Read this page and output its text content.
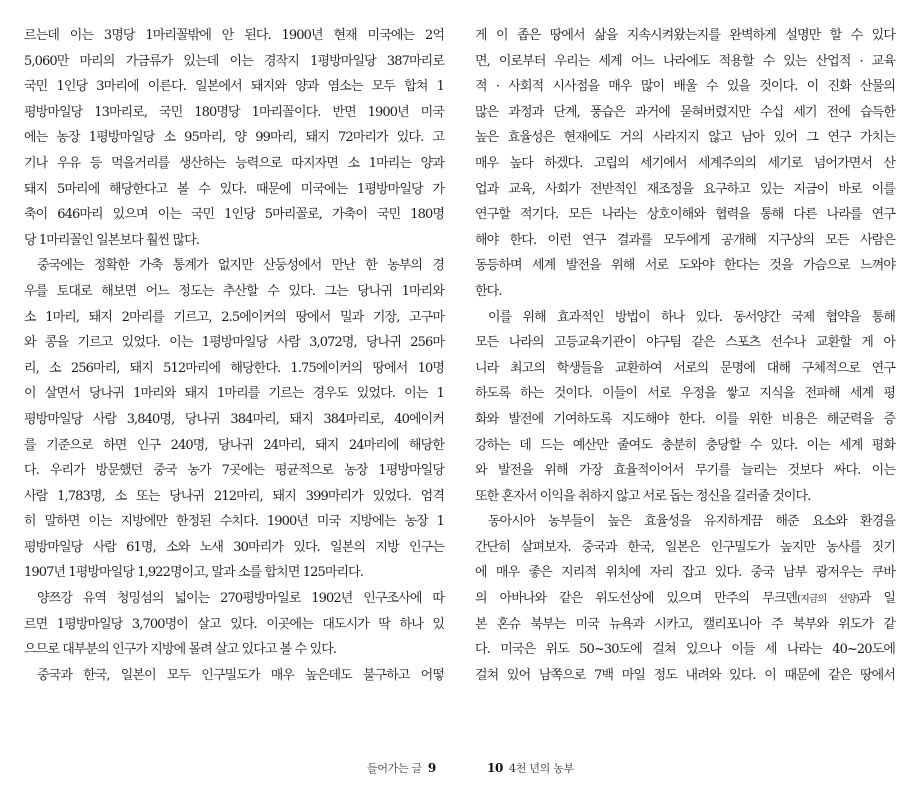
르는데 이는 3명당 1마리꼴밖에 안 된다. 1900년 현재 미국에는 2억
5,060만 마리의 가금류가 있는데 이는 경작지 1평방마일당 387마리로
국민 1인당 3마리에 이른다. 일본에서 돼지와 양과 염소는 모두 합쳐 1
평방마일당 13마리로, 국민 180명당 1마리꼴이다. 반면 1900년 미국
에는 농장 1평방마일당 소 95마리, 양 99마리, 돼지 72마리가 있다. 고
기나 우유 등 먹을거리를 생산하는 능력으로 따지자면 소 1마리는 양과
돼지 5마리에 해당한다고 볼 수 있다. 때문에 미국에는 1평방마일당 가
축이 646마리 있으며 이는 국민 1인당 5마리꼴로, 가축이 국민 180명
당 1마리꼴인 일본보다 훨씬 많다.
중국에는 정확한 가축 통계가 없지만 산둥성에서 만난 한 농부의 경
우를 토대로 해보면 어느 정도는 추산할 수 있다. 그는 당나귀 1마리와
소 1마리, 돼지 2마리를 기르고, 2.5에이커의 땅에서 밀과 기장, 고구마
와 콩을 기르고 있었다. 이는 1평방마일당 사람 3,072명, 당나귀 256마
리, 소 256마리, 돼지 512마리에 해당한다. 1.75에이커의 땅에서 10명
이 살면서 당나귀 1마리와 돼지 1마리를 기르는 경우도 있었다. 이는 1
평방마일당 사람 3,840명, 당나귀 384마리, 돼지 384마리로, 40에이커
를 기준으로 하면 인구 240명, 당나귀 24마리, 돼지 24마리에 해당한
다. 우리가 방문했던 중국 농가 7곳에는 평균적으로 농장 1평방마일당
사람 1,783명, 소 또는 당나귀 212마리, 돼지 399마리가 있었다. 엄격
히 말하면 이는 지방에만 한정된 수치다. 1900년 미국 지방에는 농장 1
평방마일당 사람 61명, 소와 노새 30마리가 있다. 일본의 지방 인구는
1907년 1평방마일당 1,922명이고, 말과 소를 합치면 125마리다.
양쯔강 유역 청밍섬의 넓이는 270평방마일로 1902년 인구조사에 따
르면 1평방마일당 3,700명이 살고 있다. 이곳에는 대도시가 딱 하나 있
으므로 대부분의 인구가 지방에 몰려 살고 있다고 볼 수 있다.
중국과 한국, 일본이 모두 인구밀도가 매우 높은데도 불구하고 어떻
게 이 좁은 땅에서 삶을 지속시켜왔는지를 완벽하게 설명만 할 수 있다
면, 이로부터 우리는 세계 어느 나라에도 적용할 수 있는 산업적 · 교육
적 · 사회적 시사점을 매우 많이 배울 수 있을 것이다. 이 진화 산물의
많은 과정과 단계, 풍습은 과거에 묻혀버렸지만 수십 세기 전에 습득한
높은 효율성은 현재에도 거의 사라지지 않고 남아 있어 그 연구 가치는
매우 높다 하겠다. 고립의 세기에서 세계주의의 세기로 넘어가면서 산
업과 교육, 사회가 전반적인 재조정을 요구하고 있는 지금이 바로 이를
연구할 적기다. 모든 나라는 상호이해와 협력을 통해 다른 나라를 연구
해야 한다. 이런 연구 결과를 모두에게 공개해 지구상의 모든 사람은
동등하며 세계 발전을 위해 서로 도와야 한다는 것을 가슴으로 느껴야
한다.
이를 위해 효과적인 방법이 하나 있다. 동서양간 국제 협약을 통해
모든 나라의 고등교육기관이 야구팀 같은 스포츠 선수나 교환할 게 아
니라 최고의 학생들을 교환하여 서로의 문명에 대해 구체적으로 연구
하도록 하는 것이다. 이들이 서로 우정을 쌓고 지식을 전파해 세계 평
화와 발전에 기여하도록 지도해야 한다. 이를 위한 비용은 해군력을 증
강하는 데 드는 예산만 줄여도 충분히 충당할 수 있다. 이는 세계 평화
와 발전을 위해 가장 효율적이어서 무기를 늘리는 것보다 싸다. 이는
또한 혼자서 이익을 취하지 않고 서로 돕는 정신을 길러줄 것이다.
동아시아 농부들이 높은 효율성을 유지하게끔 해준 요소와 환경을
간단히 살펴보자. 중국과 한국, 일본은 인구밀도가 높지만 농사를 짓기
에 매우 좋은 지리적 위치에 자리 잡고 있다. 중국 남부 광저우는 쿠바
의 아바나와 같은 위도선상에 있으며 만주의 무크덴(지금의 선양)과 일
본 혼슈 북부는 미국 뉴욕과 시카고, 캘리포니아 주 북부와 위도가 같
다. 미국은 위도 50~30도에 걸쳐 있으나 이들 세 나라는 40~20도에
걸쳐 있어 남쪽으로 7백 마일 정도 내려와 있다. 이 때문에 같은 땅에서
들어가는 글 9	10 4천 년의 농부
